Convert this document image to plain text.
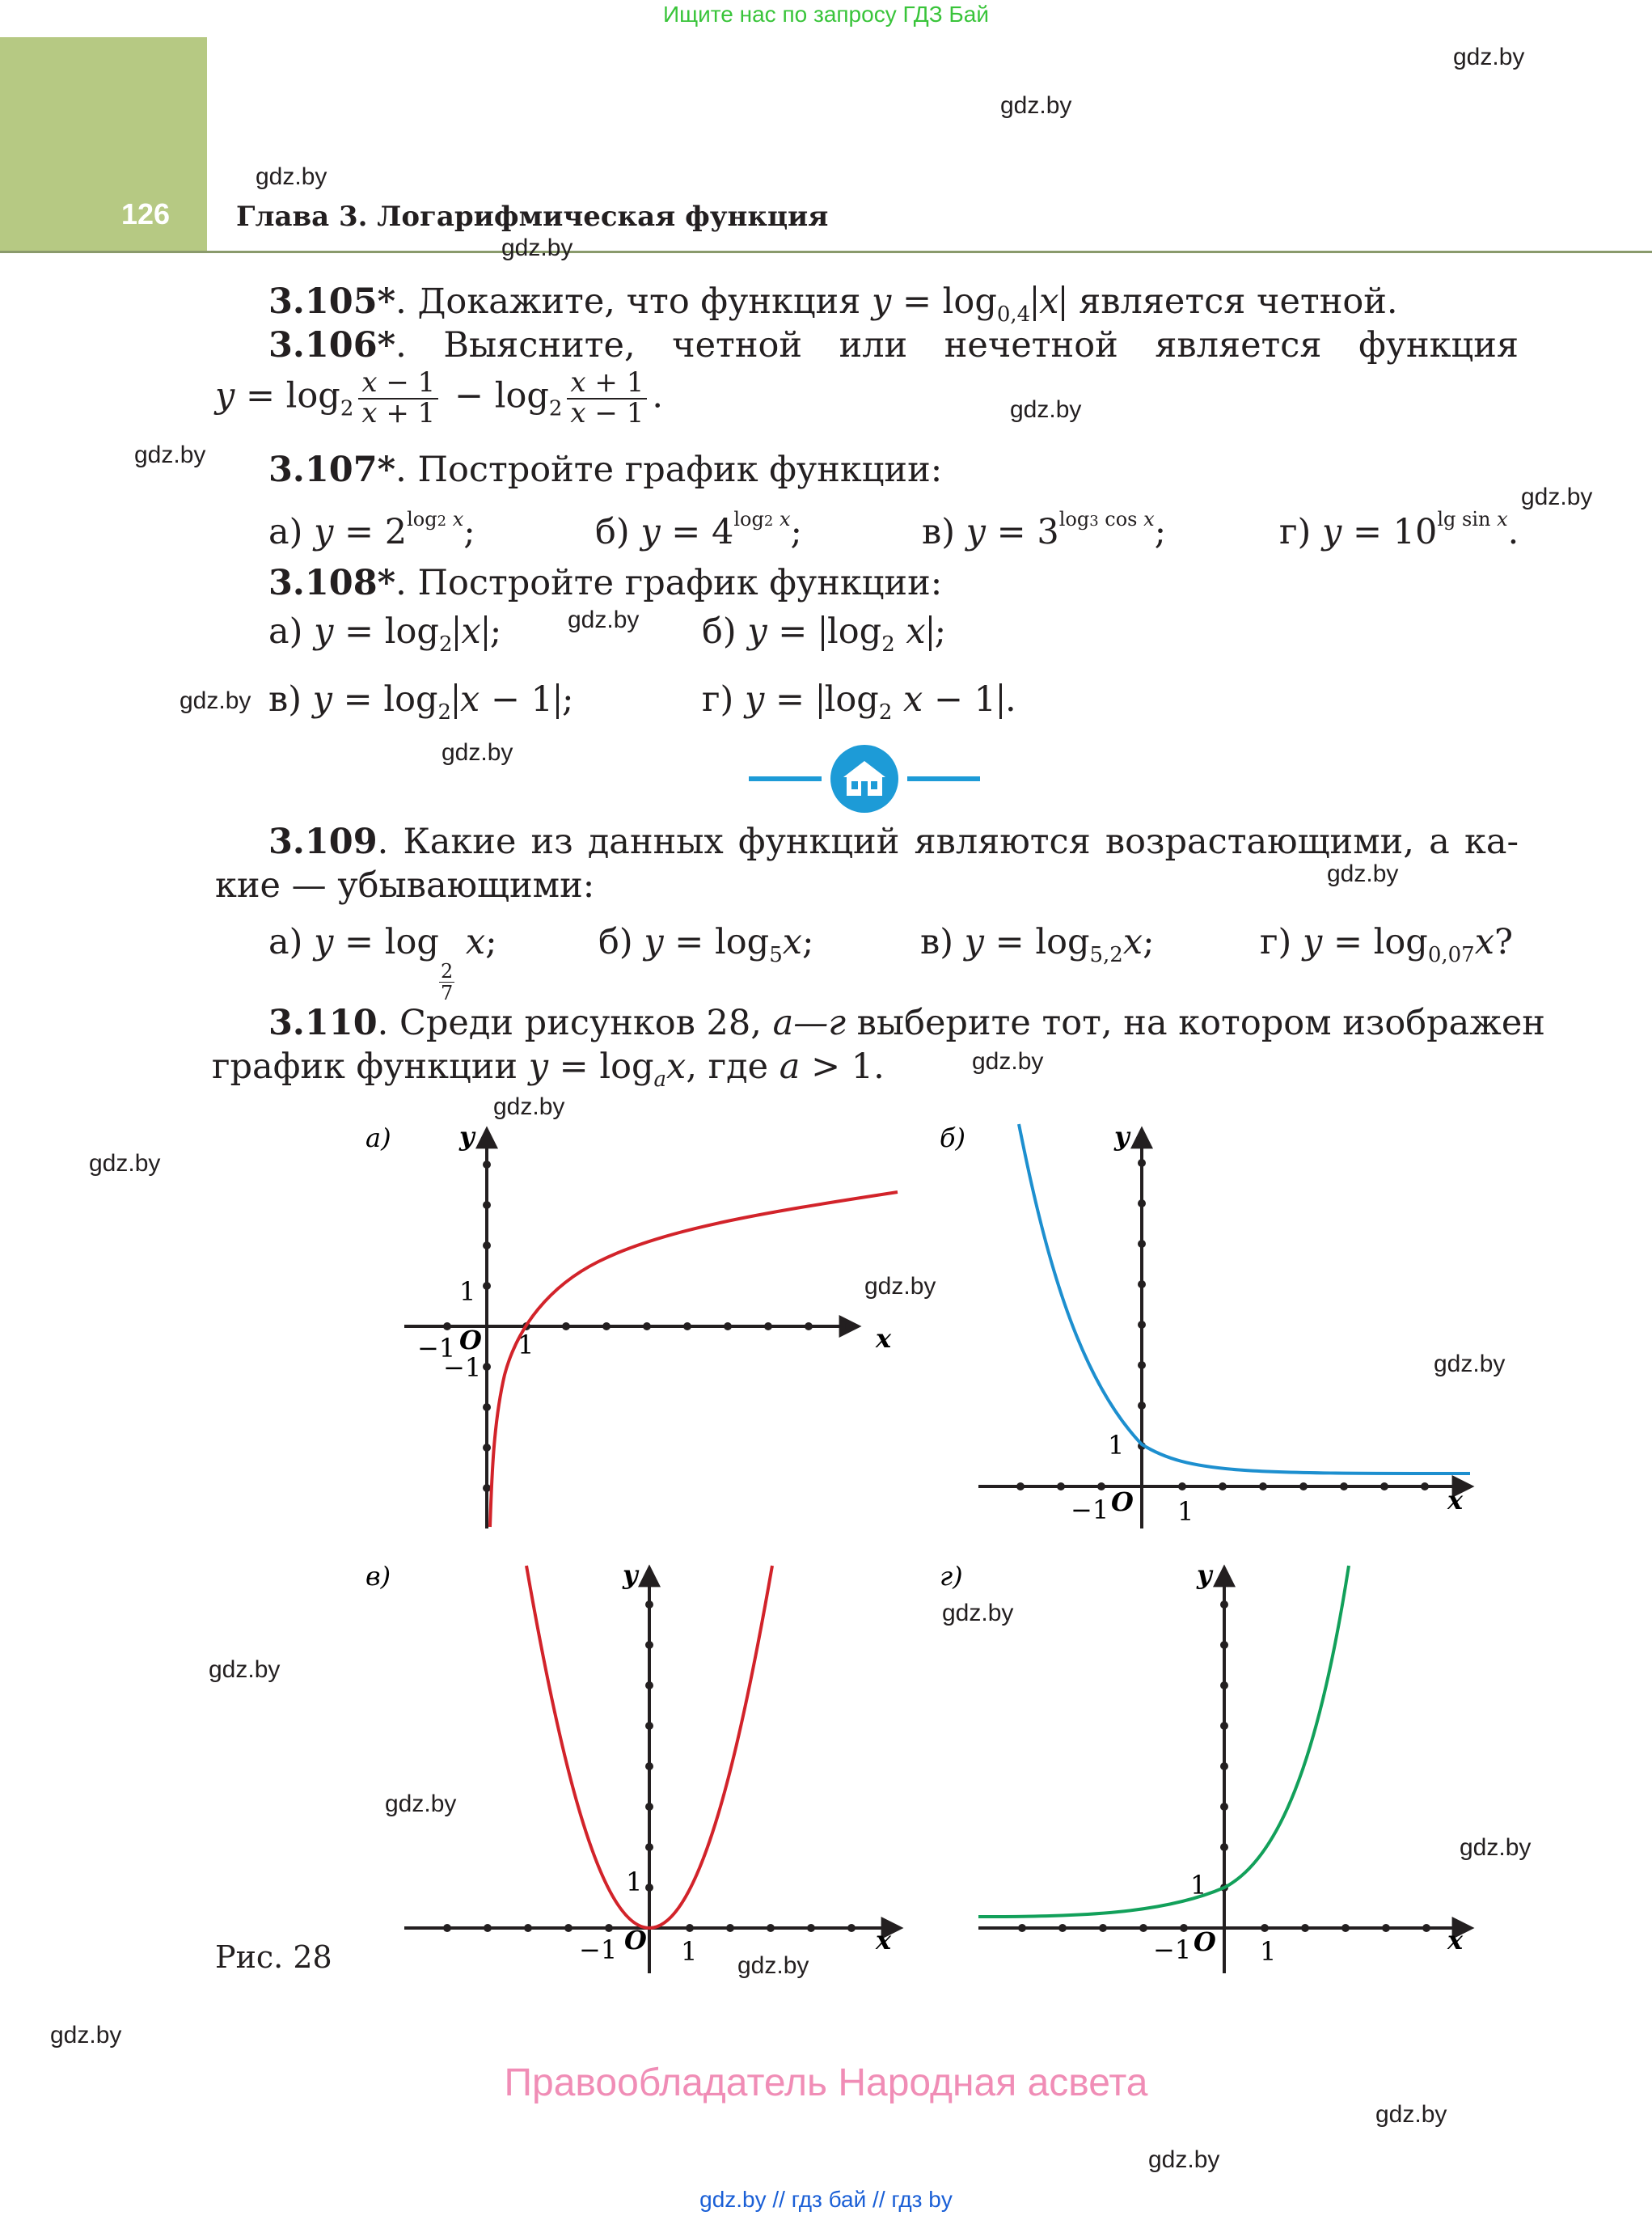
Ищите нас по запросу ГДЗ Бай
126 Глава 3. Логарифмическая функция
gdz.by
gdz.by
gdz.by
gdz.by
gdz.by
gdz.by
gdz.by
gdz.by
gdz.by
gdz.by
gdz.by
gdz.by
gdz.by
gdz.by
gdz.by
gdz.by
gdz.by
gdz.by
gdz.by
gdz.by
gdz.by
gdz.by
gdz.by
gdz.by
3.105*. Докажите, что функция $y = \log_{0,4} x$ является четной.
3.106*. Выясните, четной или нечетной является функция
$y = \log_2 \frac{x - 1}{x + 1} - \log_2 \frac{x + 1}{x - 1}$ .
3.107*. Постройте график функции:
а) $y = 2^{log2 x}$;	б) $y = 4^{log2 x}$;	в) $y = 3^{log3 cos x}$;	г) $y = 10^{lg sin x}$.
3.108*. Постройте график функции:
а) $y = \log_2 x$ ;	б) $y = \log_2 x$ ;
в) $y = \log_2 x - 1$ ;	г) $y = \log_2 x - 1$ .
3.109. Какие из данных функций являются возрастающими, а ка-
кие — убывающими:
а) y = log
$\frac{2}{7}$
x;	б) $y = \log_5x$;	в) $y = \log_{5,2}x$;	г) $y = \log_{0,07}x$?
3.110. Среди рисунков 28, а—г выберите тот, на котором изображен
график функции $y = \log_ax$, где a > 1.
а)	y
x
1
−1 O 1
−1
б)	y
x
1
−1 O 1
в)	y
x
1
−1 O 1
г)	y
x
1
−1 O 1
Рис. 28
Правообладатель Народная асвета
gdz.by // гдз бай // гдз by
